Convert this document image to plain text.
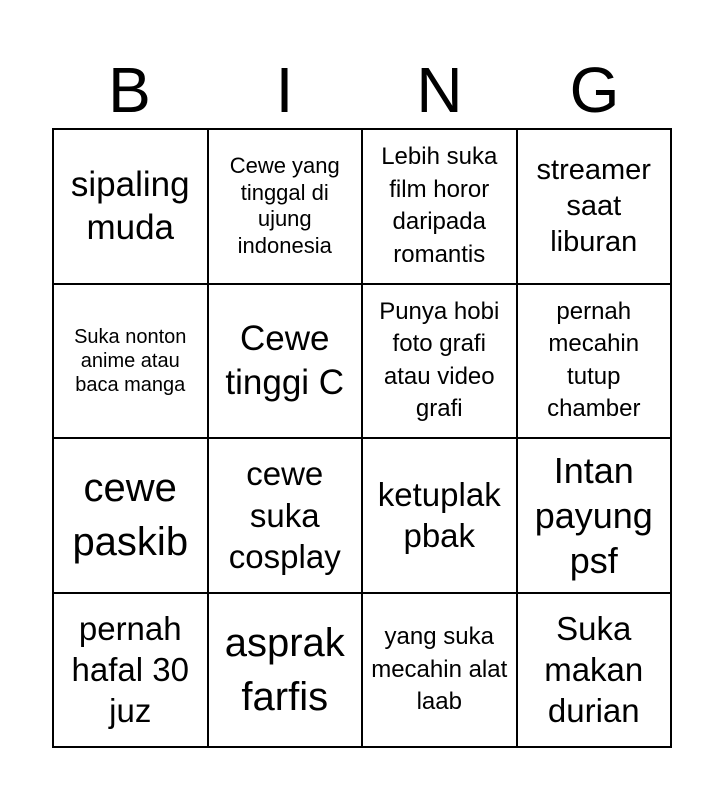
B	I	N	G
sipaling muda
Cewe yang tinggal di ujung indonesia
Lebih suka film horor daripada romantis
streamer saat liburan
Suka nonton anime atau baca manga
Cewe tinggi C
Punya hobi foto grafi atau video grafi
pernah mecahin tutup chamber
cewe paskib
cewe suka cosplay
ketuplak pbak
Intan payung psf
pernah hafal 30 juz
asprak farfis
yang suka mecahin alat laab
Suka makan durian
